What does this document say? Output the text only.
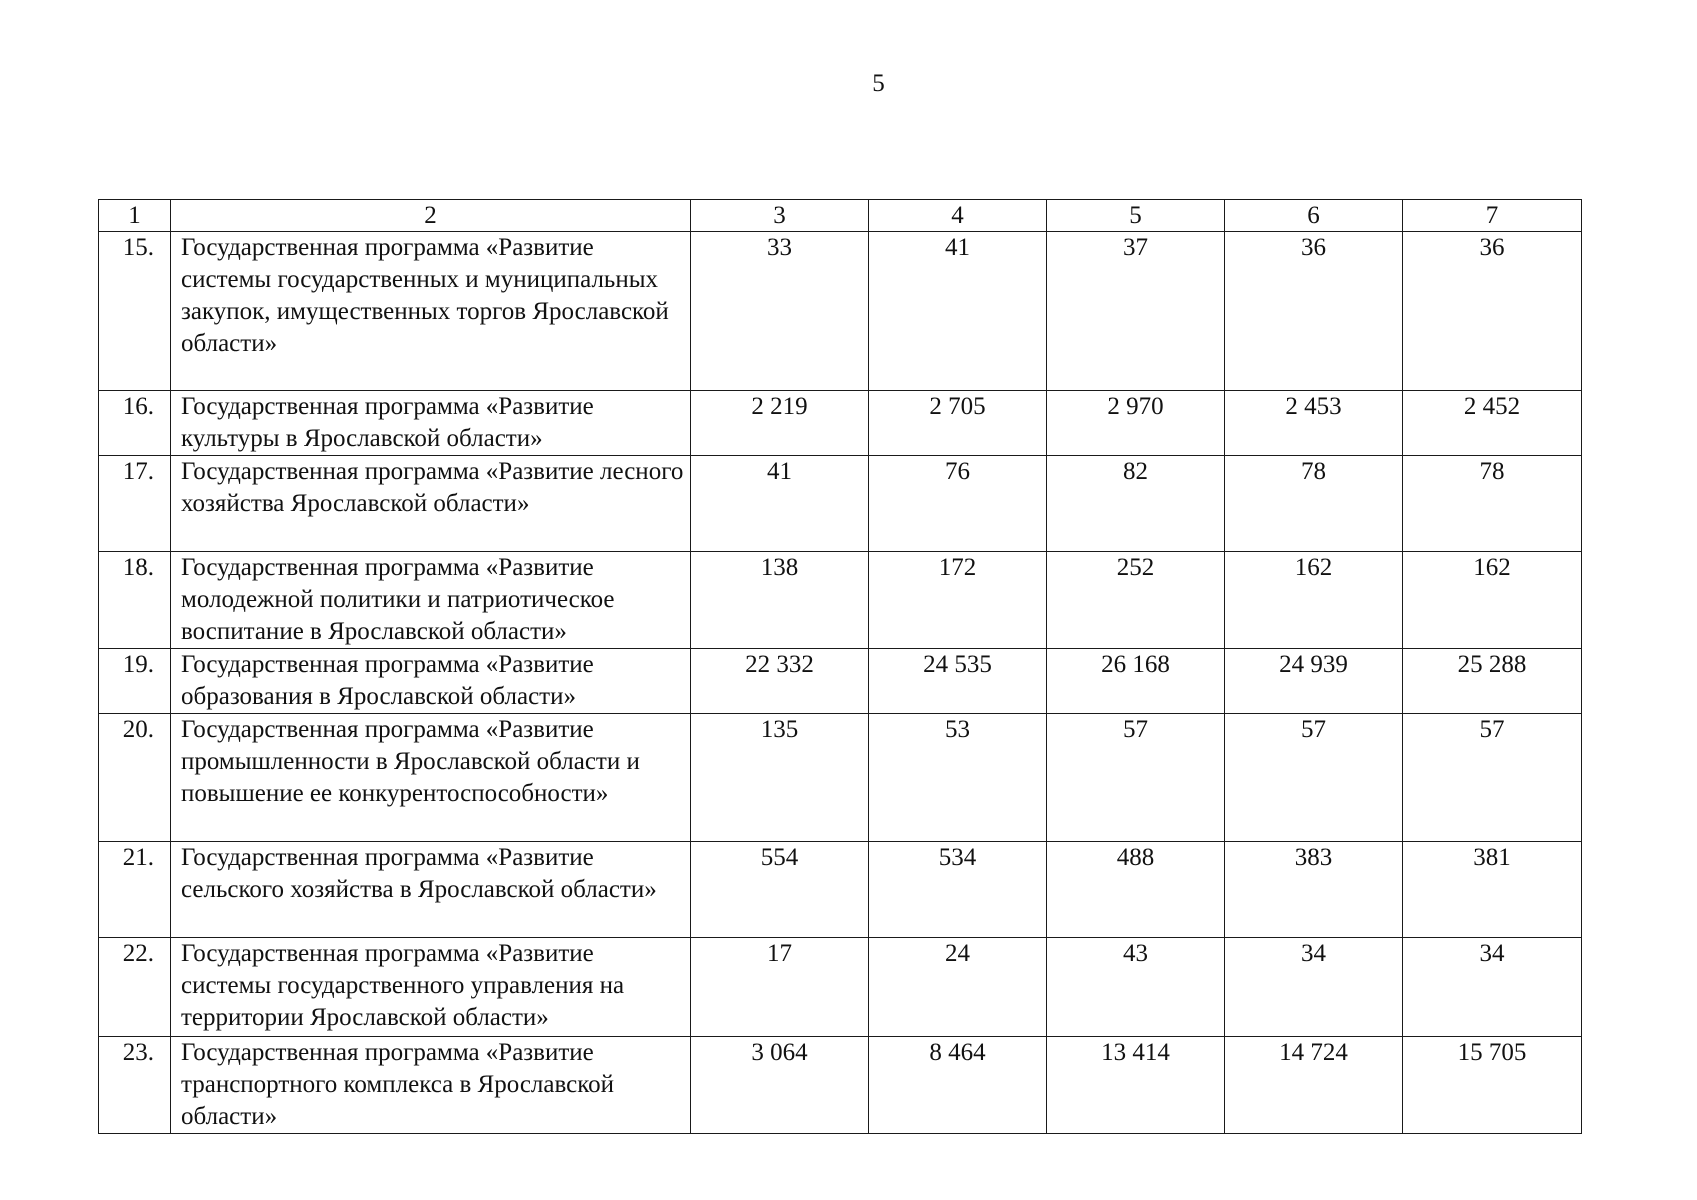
5
1	2	3	4	5	6	7
15.	Государственная программа «Развитие системы государственных и муниципальных закупок, имущественных торгов Ярославской области»	33	41	37	36	36
16.	Государственная программа «Развитие культуры в Ярославской области»	2 219	2 705	2 970	2 453	2 452
17.	Государственная программа «Развитие лесного хозяйства Ярославской области»	41	76	82	78	78
18.	Государственная программа «Развитие молодежной политики и патриотическое воспитание в Ярославской области»	138	172	252	162	162
19.	Государственная программа «Развитие образования в Ярославской области»	22 332	24 535	26 168	24 939	25 288
20.	Государственная программа «Развитие промышленности в Ярославской области и повышение ее конкурентоспособности»	135	53	57	57	57
21.	Государственная программа «Развитие сельского хозяйства в Ярославской области»	554	534	488	383	381
22.	Государственная программа «Развитие системы государственного управления на территории Ярославской области»	17	24	43	34	34
23.	Государственная программа «Развитие транспортного комплекса в Ярославской области»	3 064	8 464	13 414	14 724	15 705
